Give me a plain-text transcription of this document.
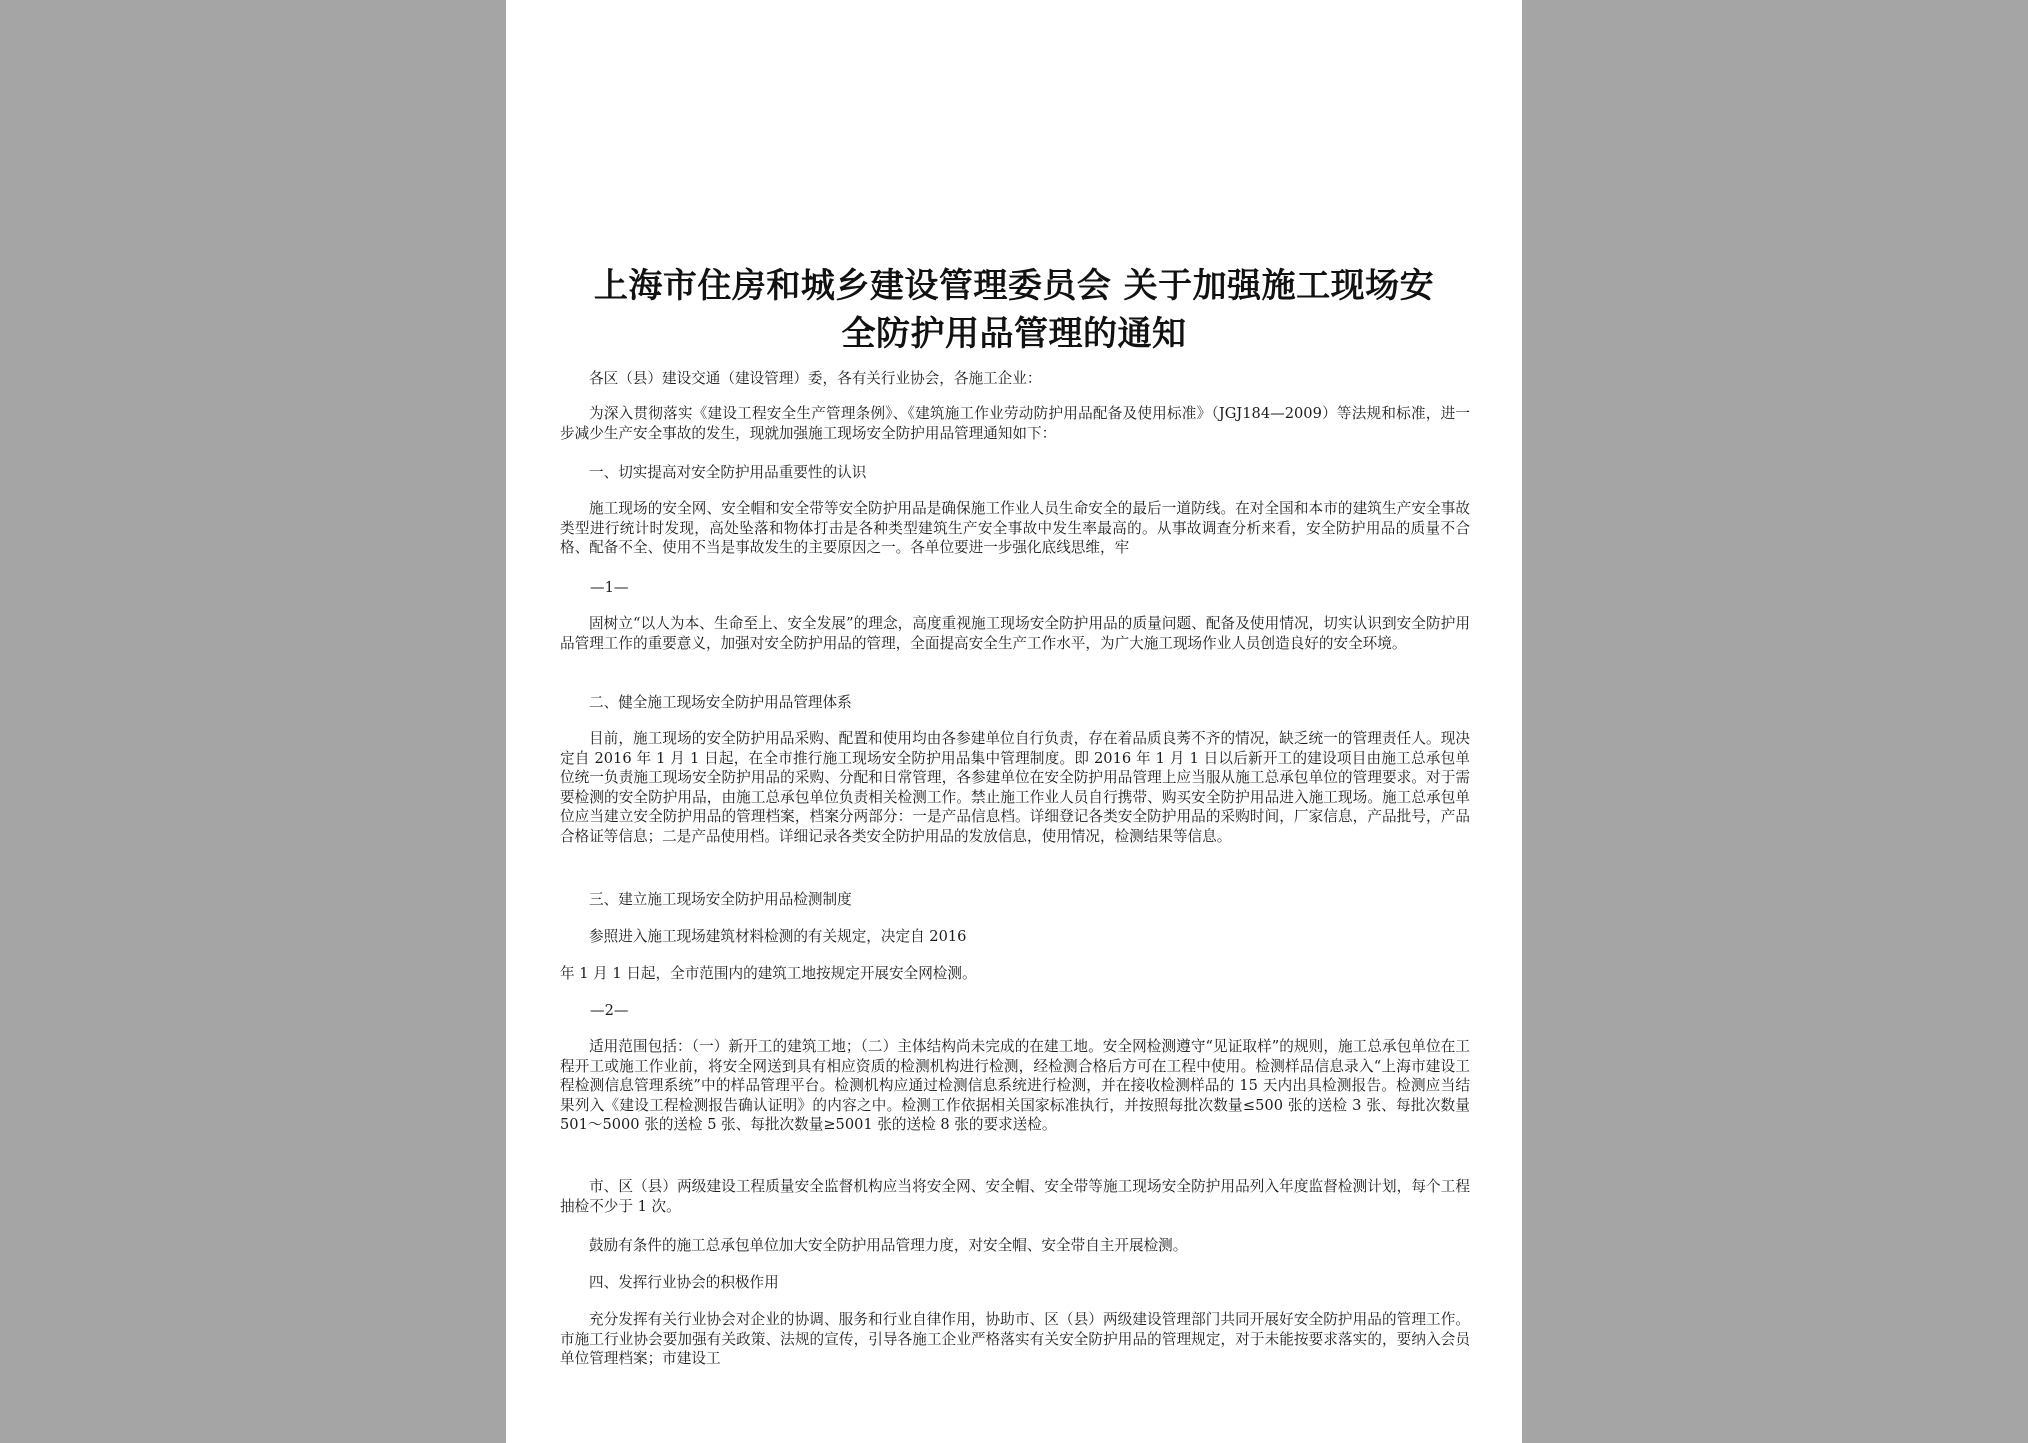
上海市住房和城乡建设管理委员会 关于加强施工现场安
全防护用品管理的通知
各区（县）建设交通（建设管理）委，各有关行业协会，各施工企业：
为深入贯彻落实《建设工程安全生产管理条例》、《建筑施工作业劳动防护用品配备及使用标准》（JGJ184—2009）等法规和标准，进一步减少生产安全事故的发生，现就加强施工现场安全防护用品管理通知如下：
一、切实提高对安全防护用品重要性的认识
施工现场的安全网、安全帽和安全带等安全防护用品是确保施工作业人员生命安全的最后一道防线。在对全国和本市的建筑生产安全事故类型进行统计时发现，高处坠落和物体打击是各种类型建筑生产安全事故中发生率最高的。从事故调查分析来看，安全防护用品的质量不合格、配备不全、使用不当是事故发生的主要原因之一。各单位要进一步强化底线思维，牢
—1—
固树立“以人为本、生命至上、安全发展”的理念，高度重视施工现场安全防护用品的质量问题、配备及使用情况，切实认识到安全防护用品管理工作的重要意义，加强对安全防护用品的管理，全面提高安全生产工作水平，为广大施工现场作业人员创造良好的安全环境。
二、健全施工现场安全防护用品管理体系
目前，施工现场的安全防护用品采购、配置和使用均由各参建单位自行负责，存在着品质良莠不齐的情况，缺乏统一的管理责任人。现决定自 2016 年 1 月 1 日起，在全市推行施工现场安全防护用品集中管理制度。即 2016 年 1 月 1 日以后新开工的建设项目由施工总承包单位统一负责施工现场安全防护用品的采购、分配和日常管理，各参建单位在安全防护用品管理上应当服从施工总承包单位的管理要求。对于需要检测的安全防护用品，由施工总承包单位负责相关检测工作。禁止施工作业人员自行携带、购买安全防护用品进入施工现场。施工总承包单位应当建立安全防护用品的管理档案，档案分两部分：一是产品信息档。详细登记各类安全防护用品的采购时间，厂家信息，产品批号，产品合格证等信息；二是产品使用档。详细记录各类安全防护用品的发放信息，使用情况，检测结果等信息。
三、建立施工现场安全防护用品检测制度
参照进入施工现场建筑材料检测的有关规定，决定自 2016
年 1 月 1 日起，全市范围内的建筑工地按规定开展安全网检测。
—2—
适用范围包括：（一）新开工的建筑工地；（二）主体结构尚未完成的在建工地。安全网检测遵守“见证取样”的规则，施工总承包单位在工程开工或施工作业前，将安全网送到具有相应资质的检测机构进行检测，经检测合格后方可在工程中使用。检测样品信息录入“上海市建设工程检测信息管理系统”中的样品管理平台。检测机构应通过检测信息系统进行检测，并在接收检测样品的 15 天内出具检测报告。检测应当结果列入《建设工程检测报告确认证明》的内容之中。检测工作依据相关国家标准执行，并按照每批次数量≤500 张的送检 3 张、每批次数量 501～5000 张的送检 5 张、每批次数量≥5001 张的送检 8 张的要求送检。
市、区（县）两级建设工程质量安全监督机构应当将安全网、安全帽、安全带等施工现场安全防护用品列入年度监督检测计划，每个工程抽检不少于 1 次。
鼓励有条件的施工总承包单位加大安全防护用品管理力度，对安全帽、安全带自主开展检测。
四、发挥行业协会的积极作用
充分发挥有关行业协会对企业的协调、服务和行业自律作用，协助市、区（县）两级建设管理部门共同开展好安全防护用品的管理工作。市施工行业协会要加强有关政策、法规的宣传，引导各施工企业严格落实有关安全防护用品的管理规定，对于未能按要求落实的，要纳入会员单位管理档案；市建设工
